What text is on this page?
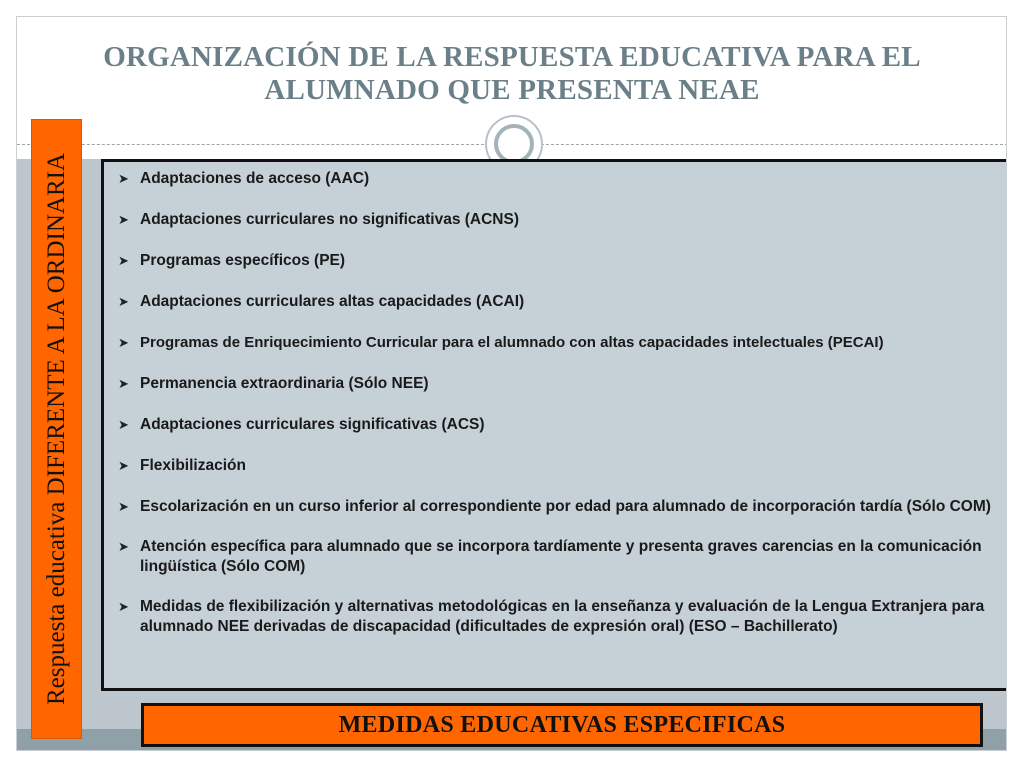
ORGANIZACIÓN DE LA RESPUESTA EDUCATIVA PARA EL
ALUMNADO QUE PRESENTA NEAE
Respuesta educativa DIFERENTE A LA ORDINARIA	➤ Adaptaciones de acceso (AAC)
➤ Adaptaciones curriculares no significativas (ACNS)
➤ Programas específicos (PE)
➤ Adaptaciones curriculares altas capacidades (ACAI)
➤ Programas de Enriquecimiento Curricular para el alumnado con altas capacidades intelectuales (PECAI)
➤ Permanencia extraordinaria (Sólo NEE)
➤ Adaptaciones curriculares significativas (ACS)
➤ Flexibilización
➤ Escolarización en un curso inferior al correspondiente por edad para alumnado de incorporación tardía (Sólo COM)
➤ Atención específica para alumnado que se incorpora tardíamente y presenta graves carencias en la comunicación lingüística (Sólo COM)
➤ Medidas de flexibilización y alternativas metodológicas en la enseñanza y evaluación de la Lengua Extranjera para alumnado NEE derivadas de discapacidad (dificultades de expresión oral) (ESO – Bachillerato)
MEDIDAS EDUCATIVAS ESPECIFICAS
